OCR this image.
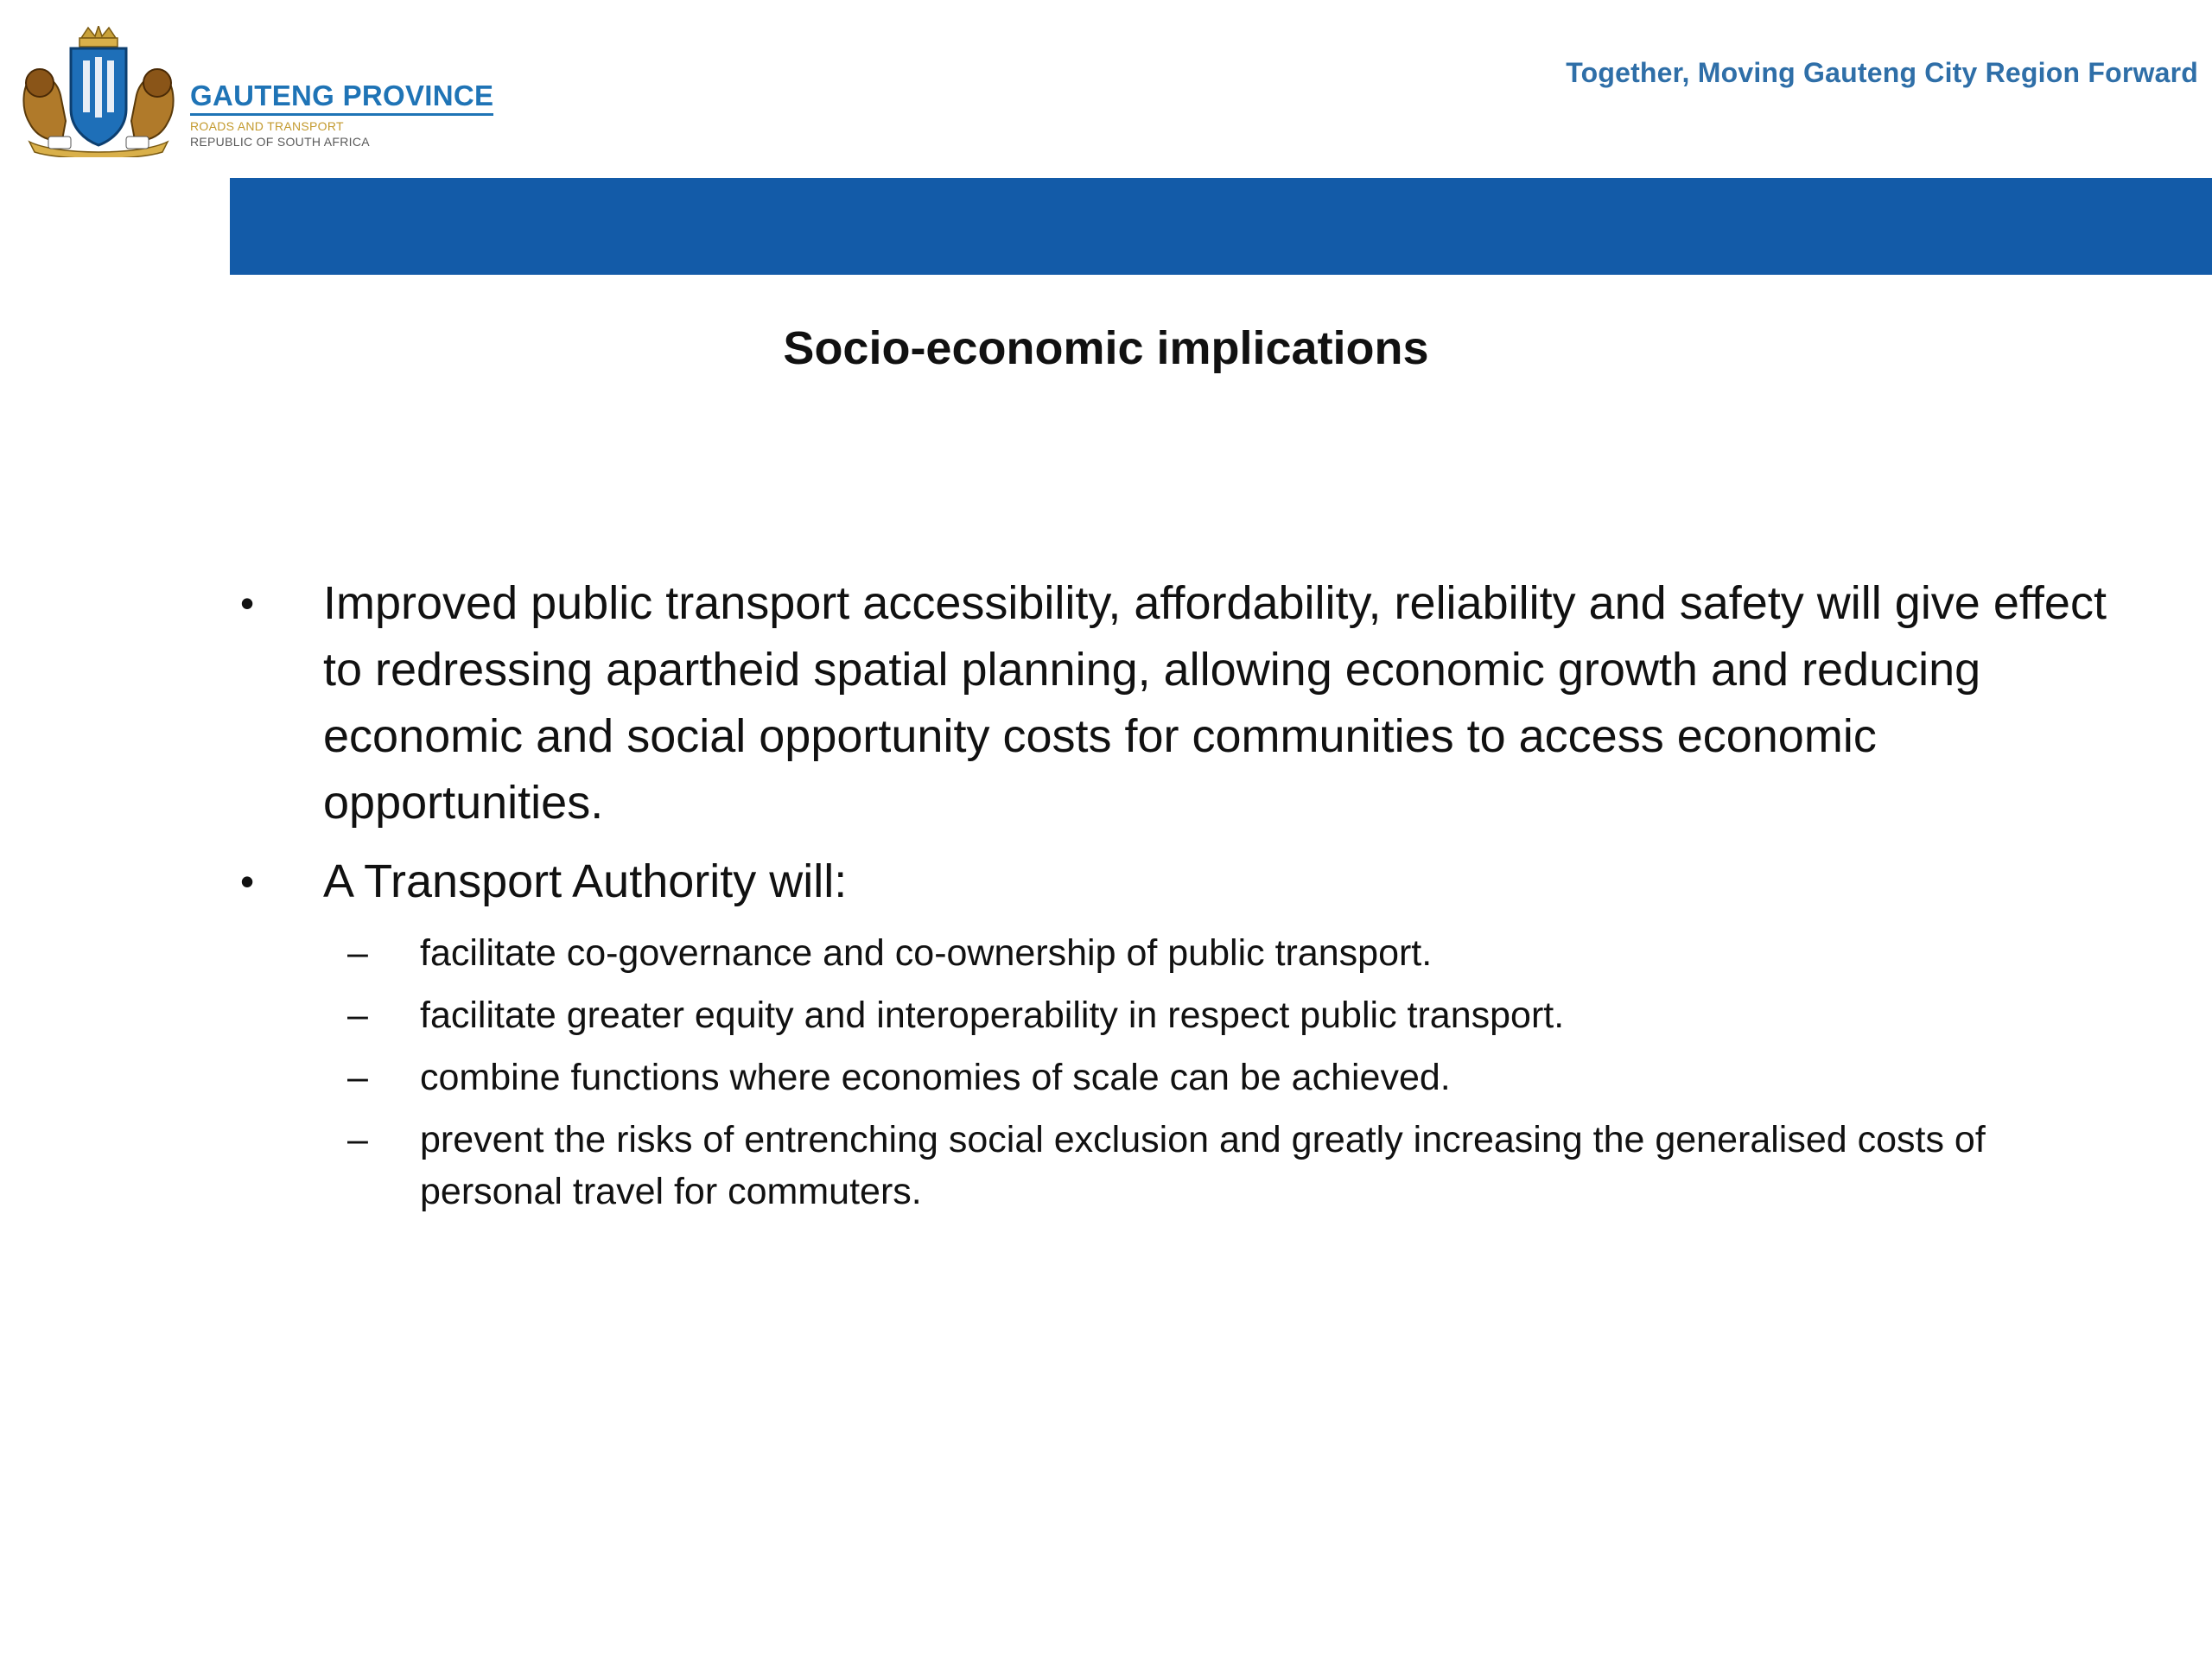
GAUTENG PROVINCE
ROADS AND TRANSPORT
REPUBLIC OF SOUTH AFRICA
Together, Moving Gauteng City Region Forward
Socio-economic implications
• Improved public transport accessibility, affordability, reliability and safety will give effect to redressing apartheid spatial planning, allowing economic growth and reducing economic and social opportunity costs for communities to access economic opportunities.
• A Transport Authority will:
– facilitate co-governance and co-ownership of public transport.
– facilitate greater equity and interoperability in respect public transport.
– combine functions where economies of scale can be achieved.
– prevent the risks of entrenching social exclusion and greatly increasing the generalised costs of personal travel for commuters.
